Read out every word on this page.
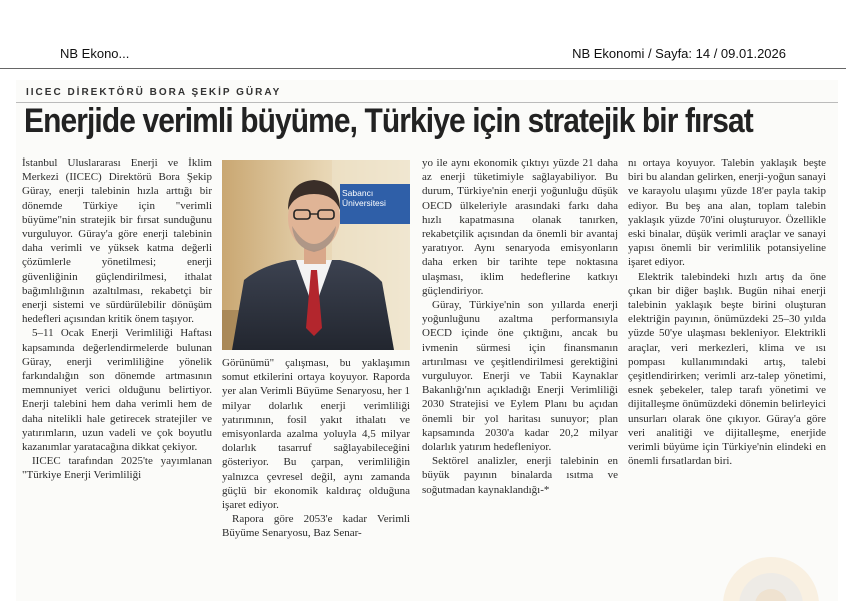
NB Ekono...	NB Ekonomi / Sayfa: 14 / 09.01.2026
IICEC DİREKTÖRÜ BORA ŞEKİP GÜRAY
Enerjide verimli büyüme, Türkiye için stratejik bir fırsat

İstanbul Uluslararası Enerji ve İklim Merkezi (IICEC) Direktörü Bora Şekip Güray, enerji talebinin hızla arttığı bir dönemde Türkiye için "verimli büyüme"nin stratejik bir fırsat sunduğunu vurguluyor. Güray'a göre enerji talebinin daha verimli ve yüksek katma değerli çözümlerle yönetilmesi; enerji güvenliğinin güçlendirilmesi, ithalat bağımlılığının azaltılması, rekabetçi bir enerji sistemi ve sürdürülebilir dönüşüm hedefleri açısından kritik önem taşıyor.

5–11 Ocak Enerji Verimliliği Haftası kapsamında değerlendirmelerde bulunan Güray, enerji verimliliğine yönelik farkındalığın son dönemde artmasının memnuniyet verici olduğunu belirtiyor. Enerji talebini hem daha verimli hem de daha nitelikli hale getirecek stratejiler ve yatırımların, uzun vadeli ve çok boyutlu kazanımlar yaratacağına dikkat çekiyor.

IICEC tarafından 2025'te yayımlanan "Türkiye Enerji Verimliliği

Sabancı Üniversitesi

Görünümü" çalışması, bu yaklaşımın somut etkilerini ortaya koyuyor. Raporda yer alan Verimli Büyüme Senaryosu, her 1 milyar dolarlık enerji verimliliği yatırımının, fosil yakıt ithalatı ve emisyonlarda azalma yoluyla 4,5 milyar dolarlık tasarruf sağlayabileceğini gösteriyor. Bu çarpan, verimliliğin yalnızca çevresel değil, aynı zamanda güçlü bir ekonomik kaldıraç olduğuna işaret ediyor.

Rapora göre 2053'e kadar Verimli Büyüme Senaryosu, Baz Senar-

yo ile aynı ekonomik çıktıyı yüzde 21 daha az enerji tüketimiyle sağlayabiliyor. Bu durum, Türkiye'nin enerji yoğunluğu düşük OECD ülkeleriyle arasındaki farkı daha hızlı kapatmasına olanak tanırken, rekabetçilik açısından da önemli bir avantaj yaratıyor. Aynı senaryoda emisyonların daha erken bir tarihte tepe noktasına ulaşması, iklim hedeflerine katkıyı güçlendiriyor.

Güray, Türkiye'nin son yıllarda enerji yoğunluğunu azaltma performansıyla OECD içinde öne çıktığını, ancak bu ivmenin sürmesi için finansmanın artırılması ve çeşitlendirilmesi gerektiğini vurguluyor. Enerji ve Tabii Kaynaklar Bakanlığı'nın açıkladığı Enerji Verimliliği 2030 Stratejisi ve Eylem Planı bu açıdan önemli bir yol haritası sunuyor; plan kapsamında 2030'a kadar 20,2 milyar dolarlık yatırım hedefleniyor.

Sektörel analizler, enerji talebinin en büyük payının binalarda ısıtma ve soğutmadan kaynaklandığı-*

nı ortaya koyuyor. Talebin yaklaşık beşte biri bu alandan gelirken, enerji-yoğun sanayi ve karayolu ulaşımı yüzde 18'er payla takip ediyor. Bu beş ana alan, toplam talebin yaklaşık yüzde 70'ini oluşturuyor. Özellikle eski binalar, düşük verimli araçlar ve sanayi yapısı önemli bir verimlilik potansiyeline işaret ediyor.

Elektrik talebindeki hızlı artış da öne çıkan bir diğer başlık. Bugün nihai enerji talebinin yaklaşık beşte birini oluşturan elektriğin payının, önümüzdeki 25–30 yılda yüzde 50'ye ulaşması bekleniyor. Elektrikli araçlar, veri merkezleri, klima ve ısı pompası kullanımındaki artış, talebi çeşitlendirirken; verimli arz-talep yönetimi, esnek şebekeler, talep tarafı yönetimi ve dijitalleşme önümüzdeki dönemin belirleyici unsurları olarak öne çıkıyor. Güray'a göre veri analitiği ve dijitalleşme, enerjide verimli büyüme için Türkiye'nin elindeki en önemli fırsatlardan biri.
